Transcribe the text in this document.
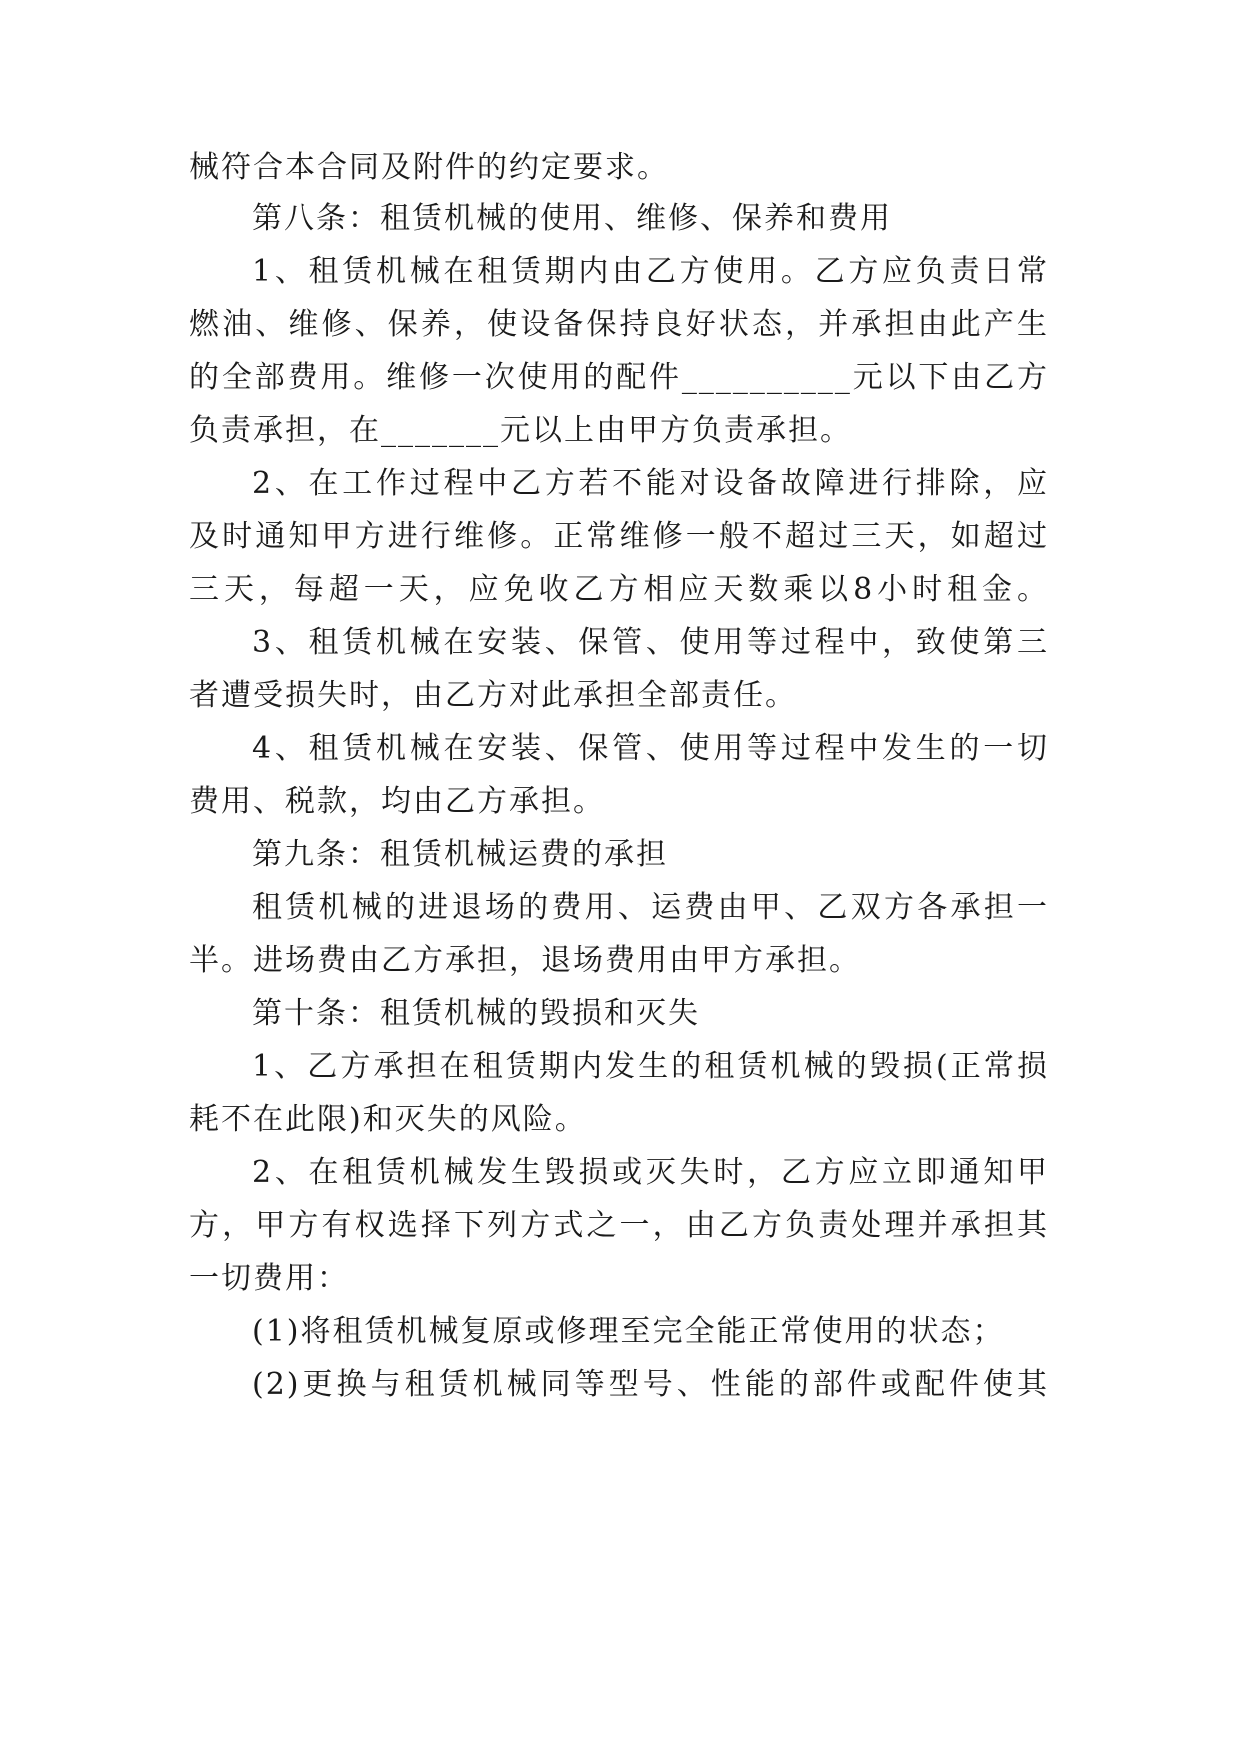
械符合本合同及附件的约定要求。
第八条：租赁机械的使用、维修、保养和费用
1、租赁机械在租赁期内由乙方使用。乙方应负责日常
燃油、维修、保养，使设备保持良好状态，并承担由此产生
的全部费用。维修一次使用的配件__________元以下由乙方
负责承担，在_______元以上由甲方负责承担。
2、在工作过程中乙方若不能对设备故障进行排除，应
及时通知甲方进行维修。正常维修一般不超过三天，如超过
三天，每超一天，应免收乙方相应天数乘以8小时租金。
3、租赁机械在安装、保管、使用等过程中，致使第三
者遭受损失时，由乙方对此承担全部责任。
4、租赁机械在安装、保管、使用等过程中发生的一切
费用、税款，均由乙方承担。
第九条：租赁机械运费的承担
租赁机械的进退场的费用、运费由甲、乙双方各承担一
半。进场费由乙方承担，退场费用由甲方承担。
第十条：租赁机械的毁损和灭失
1、乙方承担在租赁期内发生的租赁机械的毁损(正常损
耗不在此限)和灭失的风险。
2、在租赁机械发生毁损或灭失时，乙方应立即通知甲
方，甲方有权选择下列方式之一，由乙方负责处理并承担其
一切费用：
(1)将租赁机械复原或修理至完全能正常使用的状态；
(2)更换与租赁机械同等型号、性能的部件或配件使其
